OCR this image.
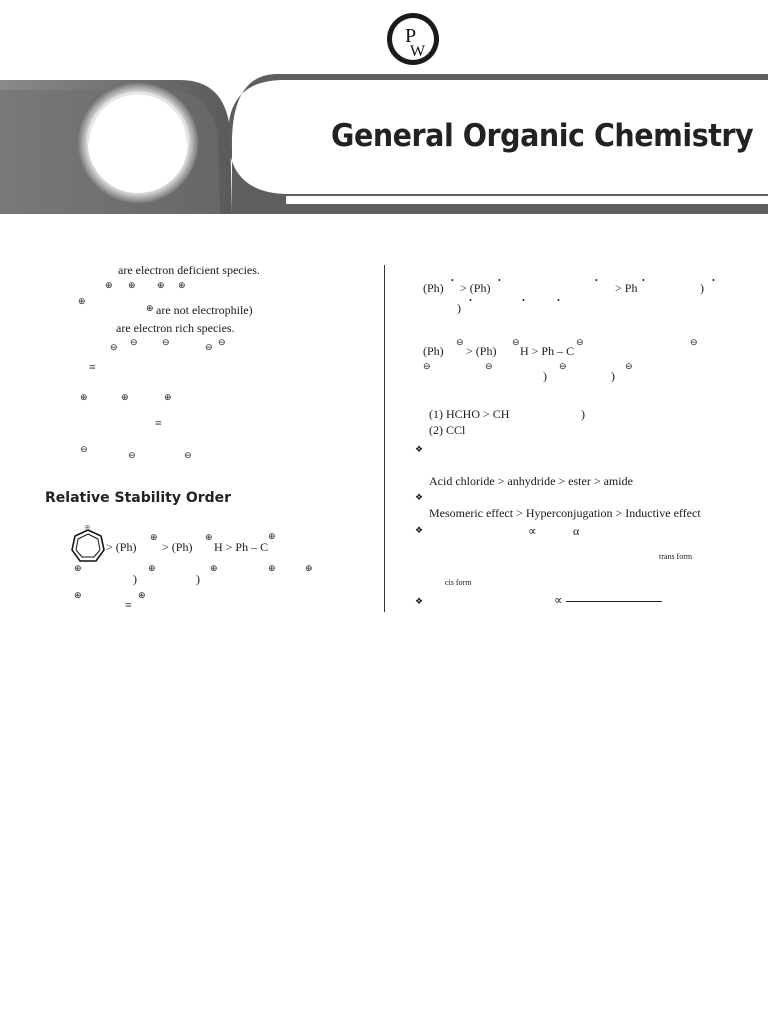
P
W
General Organic Chemistry
are electron deficient species.
⊕ ⊕ ⊕ ⊕
⊕
⊕ are not electrophile)
are electron rich species.
⊖ ⊖	⊖	⊖ ⊖
≡
⊕	⊕	⊕
≡
⊖
⊖	⊖
Relative Stability Order
⊕
> (Ph)
⊕
> (Ph)
⊕
H > Ph – C
⊕
⊕	⊕	⊕	⊕	⊕
)	)
⊕	⊕
≡
(Ph)
•
> (Ph)
•	•
> Ph
•
)
•
)
•	•	•
(Ph)
⊖
> (Ph)
⊖
H > Ph – C
⊖	⊖
⊖	⊖	⊖	⊖
)	)
(1) HCHO > CH	)
(2) CCl
❖
Acid chloride > anhydride > ester > amide
❖
Mesomeric effect > Hyperconjugation > Inductive effect
❖	∝	α
trans form
cis form
❖	∝
